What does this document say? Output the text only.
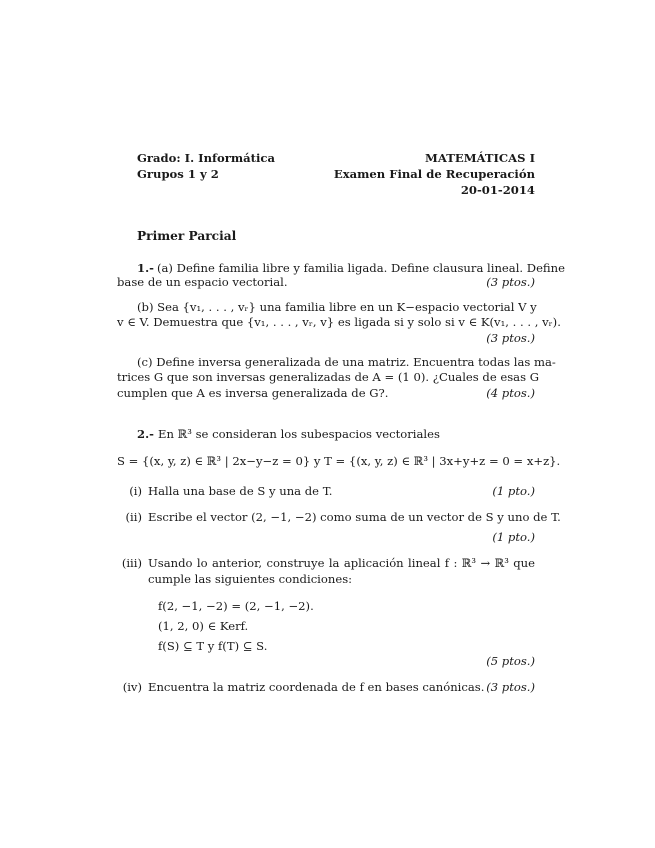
Grado: I. Informática
Grupos 1 y 2
MATEMÁTICAS I
Examen Final de Recuperación
20-01-2014
Primer Parcial
1.- (a) Define familia libre y familia ligada. Define clausura lineal. Define
base de un espacio vectorial.	(3 ptos.)
(b) Sea {v₁, . . . , vᵣ} una familia libre en un K−espacio vectorial V y
v ∈ V. Demuestra que {v₁, . . . , vᵣ, v} es ligada si y solo si v ∈ K(v₁, . . . , vᵣ).
(3 ptos.)
(c) Define inversa generalizada de una matriz. Encuentra todas las ma-
trices G que son inversas generalizadas de A = (1 0). ¿Cuales de esas G
cumplen que A es inversa generalizada de G?.	(4 ptos.)
2.- En ℝ³ se consideran los subespacios vectoriales
S = {(x, y, z) ∈ ℝ³ | 2x−y−z = 0} y T = {(x, y, z) ∈ ℝ³ | 3x+y+z = 0 = x+z}.
(i) Halla una base de S y una de T.	(1 pto.)
(ii) Escribe el vector (2, −1, −2) como suma de un vector de S y uno de T.
(1 pto.)
(iii) Usando lo anterior, construye la aplicación lineal f : ℝ³ → ℝ³ que
cumple las siguientes condiciones:
f(2, −1, −2) = (2, −1, −2).
(1, 2, 0) ∈ Kerf.
f(S) ⊆ T y f(T) ⊆ S.
(5 ptos.)
(iv) Encuentra la matriz coordenada de f en bases canónicas. (3 ptos.)
